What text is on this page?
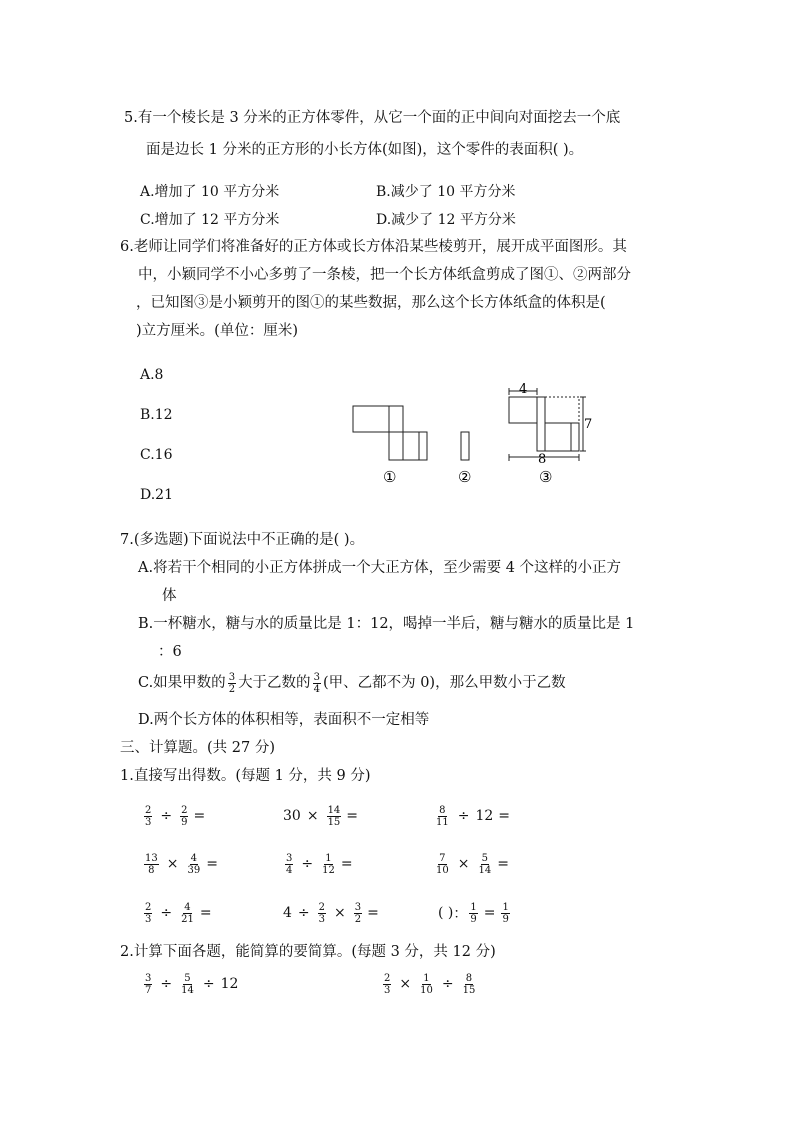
5.有一个棱长是 3 分米的正方体零件，从它一个面的正中间向对面挖去一个底
面是边长 1 分米的正方形的小长方体(如图)，这个零件的表面积( )。
A.增加了 10 平方分米	B.减少了 10 平方分米
C.增加了 12 平方分米	D.减少了 12 平方分米
6.老师让同学们将准备好的正方体或长方体沿某些棱剪开，展开成平面图形。其
中，小颖同学不小心多剪了一条棱，把一个长方体纸盒剪成了图①、②两部分
，已知图③是小颖剪开的图①的某些数据，那么这个长方体纸盒的体积是(
)立方厘米。(单位：厘米)
A.8
B.12
C.16
D.21
①	②
4
7
8
③
7.(多选题)下面说法中不正确的是( )。
A.将若干个相同的小正方体拼成一个大正方体，至少需要 4 个这样的小正方
体
B.一杯糖水，糖与水的质量比是 1：12，喝掉一半后，糖与糖水的质量比是 1
：6
C.如果甲数的 $\frac{3}{2}$ 大于乙数的 $\frac{3}{4}$ (甲、乙都不为 0)，那么甲数小于乙数
D.两个长方体的体积相等，表面积不一定相等
三、计算题。(共 27 分)
1.直接写出得数。(每题 1 分，共 9 分)
$\frac{2}{3} \div \frac{2}{9}$ =	$30 \times \frac{14}{15}$ =	$\frac{8}{11} \div 12$ =
$\frac{13}{8} \times \frac{4}{39}$ =	$\frac{3}{4} \div \frac{1}{12}$ =	$\frac{7}{10} \times \frac{5}{14}$ =
$\frac{2}{3} \div \frac{4}{21}$ =	$4 \div \frac{2}{3} \times \frac{3}{2}$ =	( ) ： $\frac{1}{9} = \frac{1}{9}$
2.计算下面各题，能简算的要简算。(每题 3 分，共 12 分)
$\frac{3}{7} \div \frac{5}{14} \div 12$	$\frac{2}{3} \times \frac{1}{10} \div \frac{8}{15}$
